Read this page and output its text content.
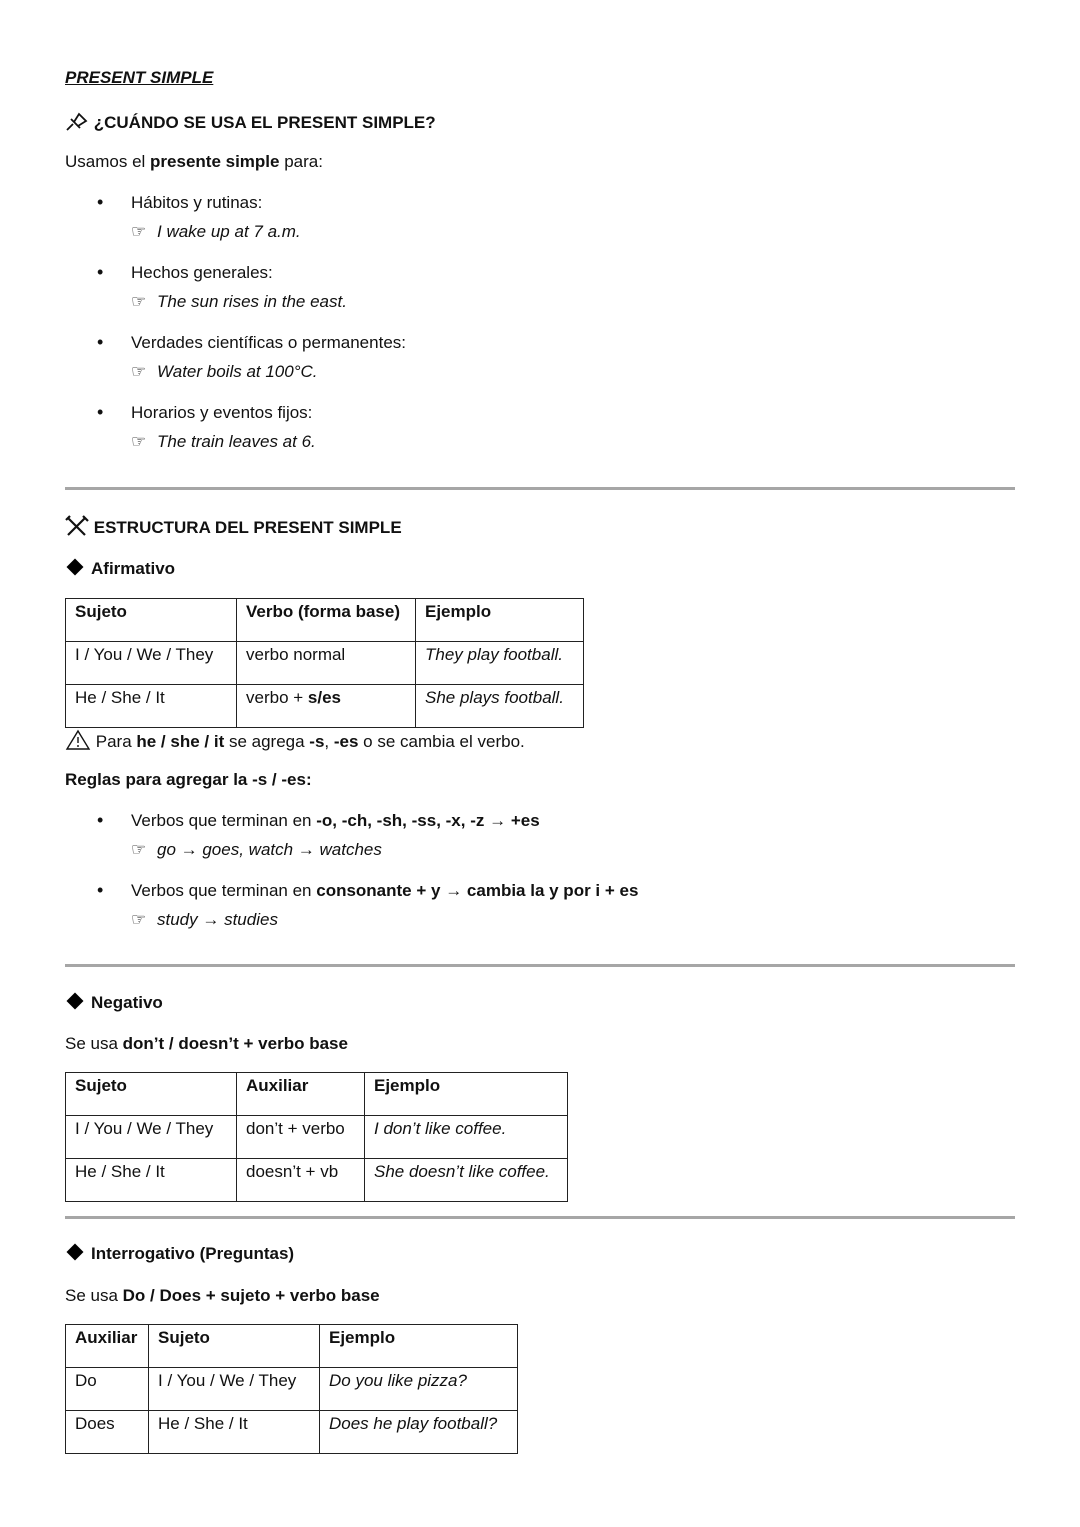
PRESENT SIMPLE
¿CUÁNDO SE USA EL PRESENT SIMPLE?
Usamos el presente simple para:
• Hábitos y rutinas:
☞ I wake up at 7 a.m.
• Hechos generales:
☞ The sun rises in the east.
• Verdades científicas o permanentes:
☞ Water boils at 100°C.
• Horarios y eventos fijos:
☞ The train leaves at 6.
ESTRUCTURA DEL PRESENT SIMPLE
Afirmativo
Sujeto	Verbo (forma base)	Ejemplo
I / You / We / They	verbo normal	They play football.
He / She / It	verbo + s/es	She plays football.
Para he / she / it se agrega -s, -es o se cambia el verbo.
Reglas para agregar la -s / -es:
• Verbos que terminan en -o, -ch, -sh, -ss, -x, -z → +es
☞ go → goes, watch → watches
• Verbos que terminan en consonante + y → cambia la y por i + es
☞ study → studies
Negativo
Se usa don’t / doesn’t + verbo base
Sujeto	Auxiliar	Ejemplo
I / You / We / They	don’t + verbo	I don’t like coffee.
He / She / It	doesn’t + vb	She doesn’t like coffee.
Interrogativo (Preguntas)
Se usa Do / Does + sujeto + verbo base
Auxiliar	Sujeto	Ejemplo
Do	I / You / We / They	Do you like pizza?
Does	He / She / It	Does he play football?
